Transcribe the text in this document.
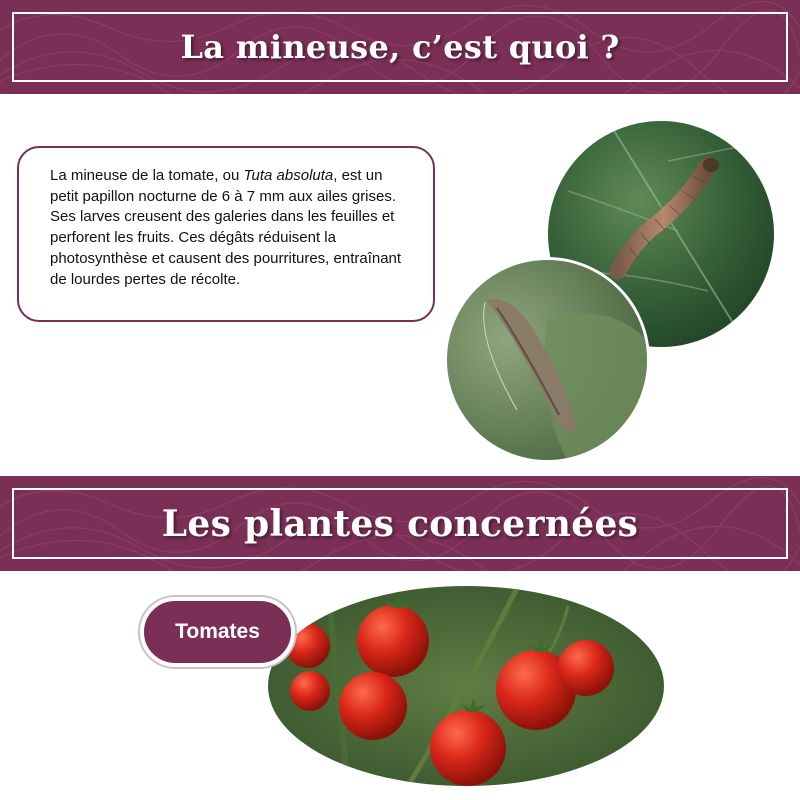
La mineuse, c’est quoi ?

La mineuse de la tomate, ou Tuta absoluta, est un petit papillon nocturne de 6 à 7 mm aux ailes grises. Ses larves creusent des galeries dans les feuilles et perforent les fruits. Ces dégâts réduisent la photosynthèse et causent des pourritures, entraînant de lourdes pertes de récolte.

Les plantes concernées
Tomates
